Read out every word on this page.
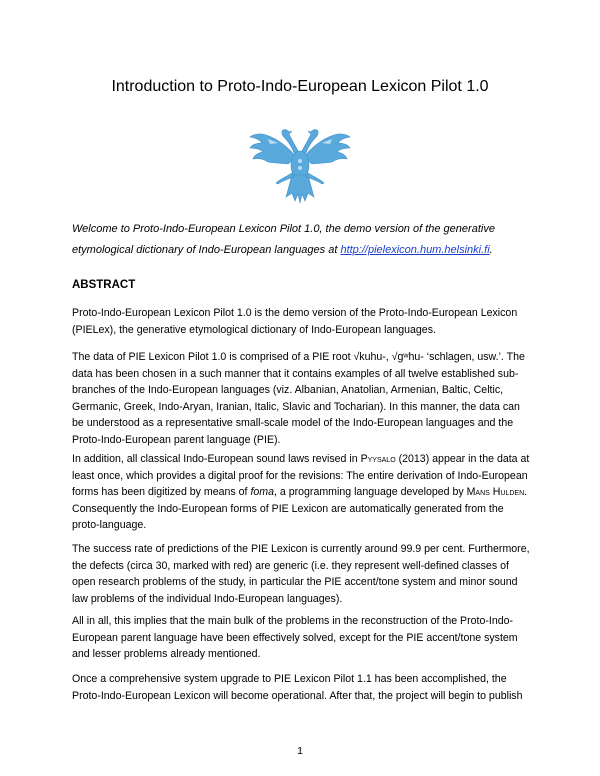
Introduction to Proto-Indo-European Lexicon Pilot 1.0
Welcome to Proto-Indo-European Lexicon Pilot 1.0, the demo version of the generative etymological dictionary of Indo-European languages at http://pielexicon.hum.helsinki.fi.
ABSTRACT
Proto-Indo-European Lexicon Pilot 1.0 is the demo version of the Proto-Indo-European Lexicon (PIELex), the generative etymological dictionary of Indo-European languages.
The data of PIE Lexicon Pilot 1.0 is comprised of a PIE root √kuhu-, √gʷhu- ‘schlagen, usw.’. The data has been chosen in a such manner that it contains examples of all twelve established sub-branches of the Indo-European languages (viz. Albanian, Anatolian, Armenian, Baltic, Celtic, Germanic, Greek, Indo-Aryan, Iranian, Italic, Slavic and Tocharian). In this manner, the data can be understood as a representative small-scale model of the Indo-European languages and the Proto-Indo-European parent language (PIE).
In addition, all classical Indo-European sound laws revised in Pyysalo (2013) appear in the data at least once, which provides a digital proof for the revisions: The entire derivation of Indo-European forms has been digitized by means of foma, a programming language developed by Mans Hulden. Consequently the Indo-European forms of PIE Lexicon are automatically generated from the proto-language.
The success rate of predictions of the PIE Lexicon is currently around 99.9 per cent. Furthermore, the defects (circa 30, marked with red) are generic (i.e. they represent well-defined classes of open research problems of the study, in particular the PIE accent/tone system and minor sound law problems of the individual Indo-European languages).
All in all, this implies that the main bulk of the problems in the reconstruction of the Proto-Indo-European parent language have been effectively solved, except for the PIE accent/tone system and lesser problems already mentioned.
Once a comprehensive system upgrade to PIE Lexicon Pilot 1.1 has been accomplished, the Proto-Indo-European Lexicon will become operational. After that, the project will begin to publish
1
